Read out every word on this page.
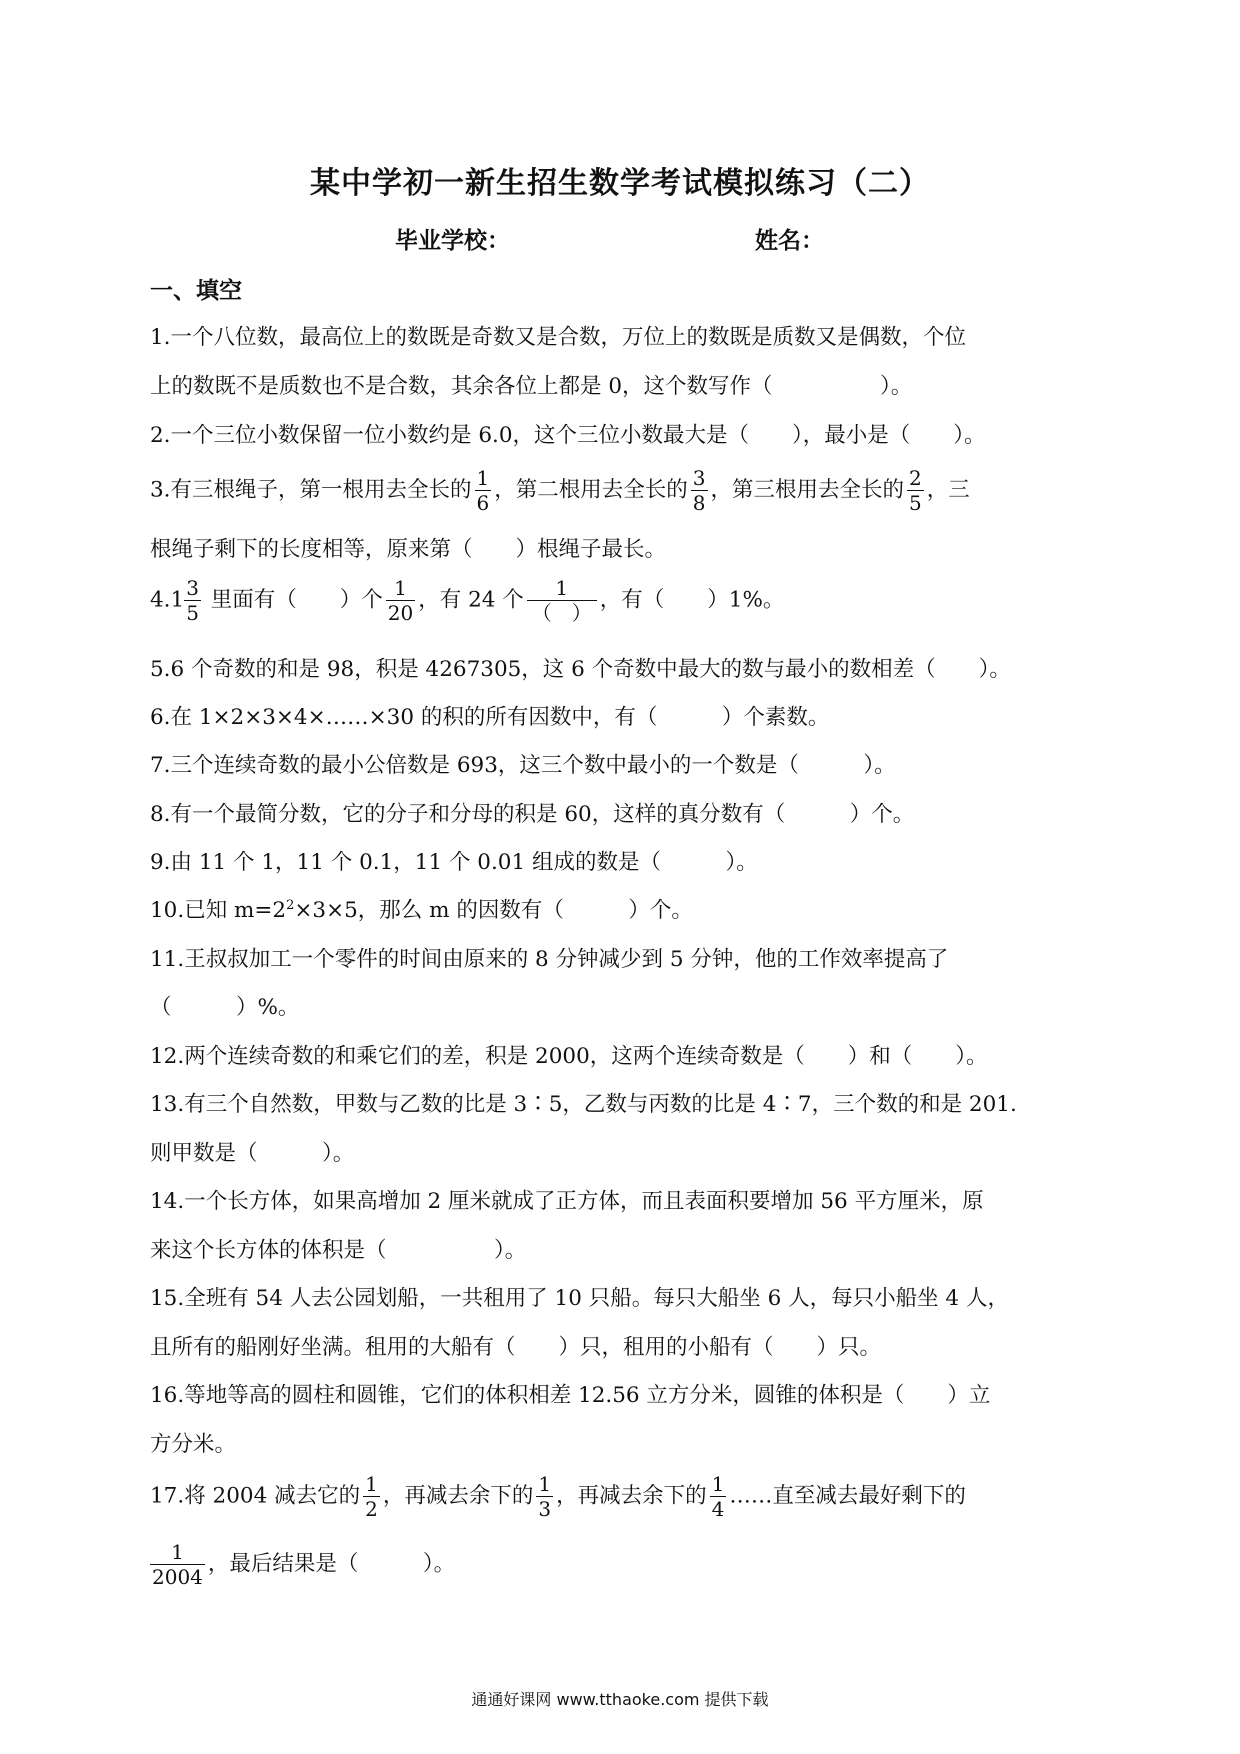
某中学初一新生招生数学考试模拟练习（二）
毕业学校：	姓名：
一、填空
1.一个八位数，最高位上的数既是奇数又是合数，万位上的数既是质数又是偶数，个位
上的数既不是质数也不是合数，其余各位上都是 0，这个数写作（　　　　　）。
2.一个三位小数保留一位小数约是 6.0，这个三位小数最大是（　　），最小是（　　）。
3.有三根绳子，第一根用去全长的 $\frac{1}{6}$ ，第二根用去全长的 $\frac{3}{8}$ ，第三根用去全长的 $\frac{2}{5}$ ，三
根绳子剩下的长度相等，原来第（　　）根绳子最长。
$4.1 \frac{3}{5}$ 里面有（　　）个 $\frac{1}{20}$ ，有 24 个 $\frac{1}{( )}$ ，有（　　）1%。
5.6 个奇数的和是 98，积是 4267305，这 6 个奇数中最大的数与最小的数相差（　　）。
6.在 1×2×3×4×……×30 的积的所有因数中，有（　　　）个素数。
7.三个连续奇数的最小公倍数是 693，这三个数中最小的一个数是（　　　）。
8.有一个最简分数，它的分子和分母的积是 60，这样的真分数有（　　　）个。
9.由 11 个 1，11 个 0.1，11 个 0.01 组成的数是（　　　）。
10.已知 $m=2^2\times 3\times 5$，那么 m 的因数有（　　　）个。
11.王叔叔加工一个零件的时间由原来的 8 分钟减少到 5 分钟，他的工作效率提高了
（　　　）%。
12.两个连续奇数的和乘它们的差，积是 2000，这两个连续奇数是（　　）和（　　）。
13.有三个自然数，甲数与乙数的比是 3∶5，乙数与丙数的比是 4∶7，三个数的和是 201.
则甲数是（　　　）。
14.一个长方体，如果高增加 2 厘米就成了正方体，而且表面积要增加 56 平方厘米，原
来这个长方体的体积是（　　　　　）。
15.全班有 54 人去公园划船，一共租用了 10 只船。每只大船坐 6 人，每只小船坐 4 人，
且所有的船刚好坐满。租用的大船有（　　）只，租用的小船有（　　）只。
16.等地等高的圆柱和圆锥，它们的体积相差 12.56 立方分米，圆锥的体积是（　　）立
方分米。
17.将 2004 减去它的 $\frac{1}{2}$ ，再减去余下的 $\frac{1}{3}$ ，再减去余下的 $\frac{1}{4}$ ……直至减去最好剩下的
$\frac{1}{2004}$ ，最后结果是（　　　）。
通通好课网 www.tthaoke.com 提供下载
